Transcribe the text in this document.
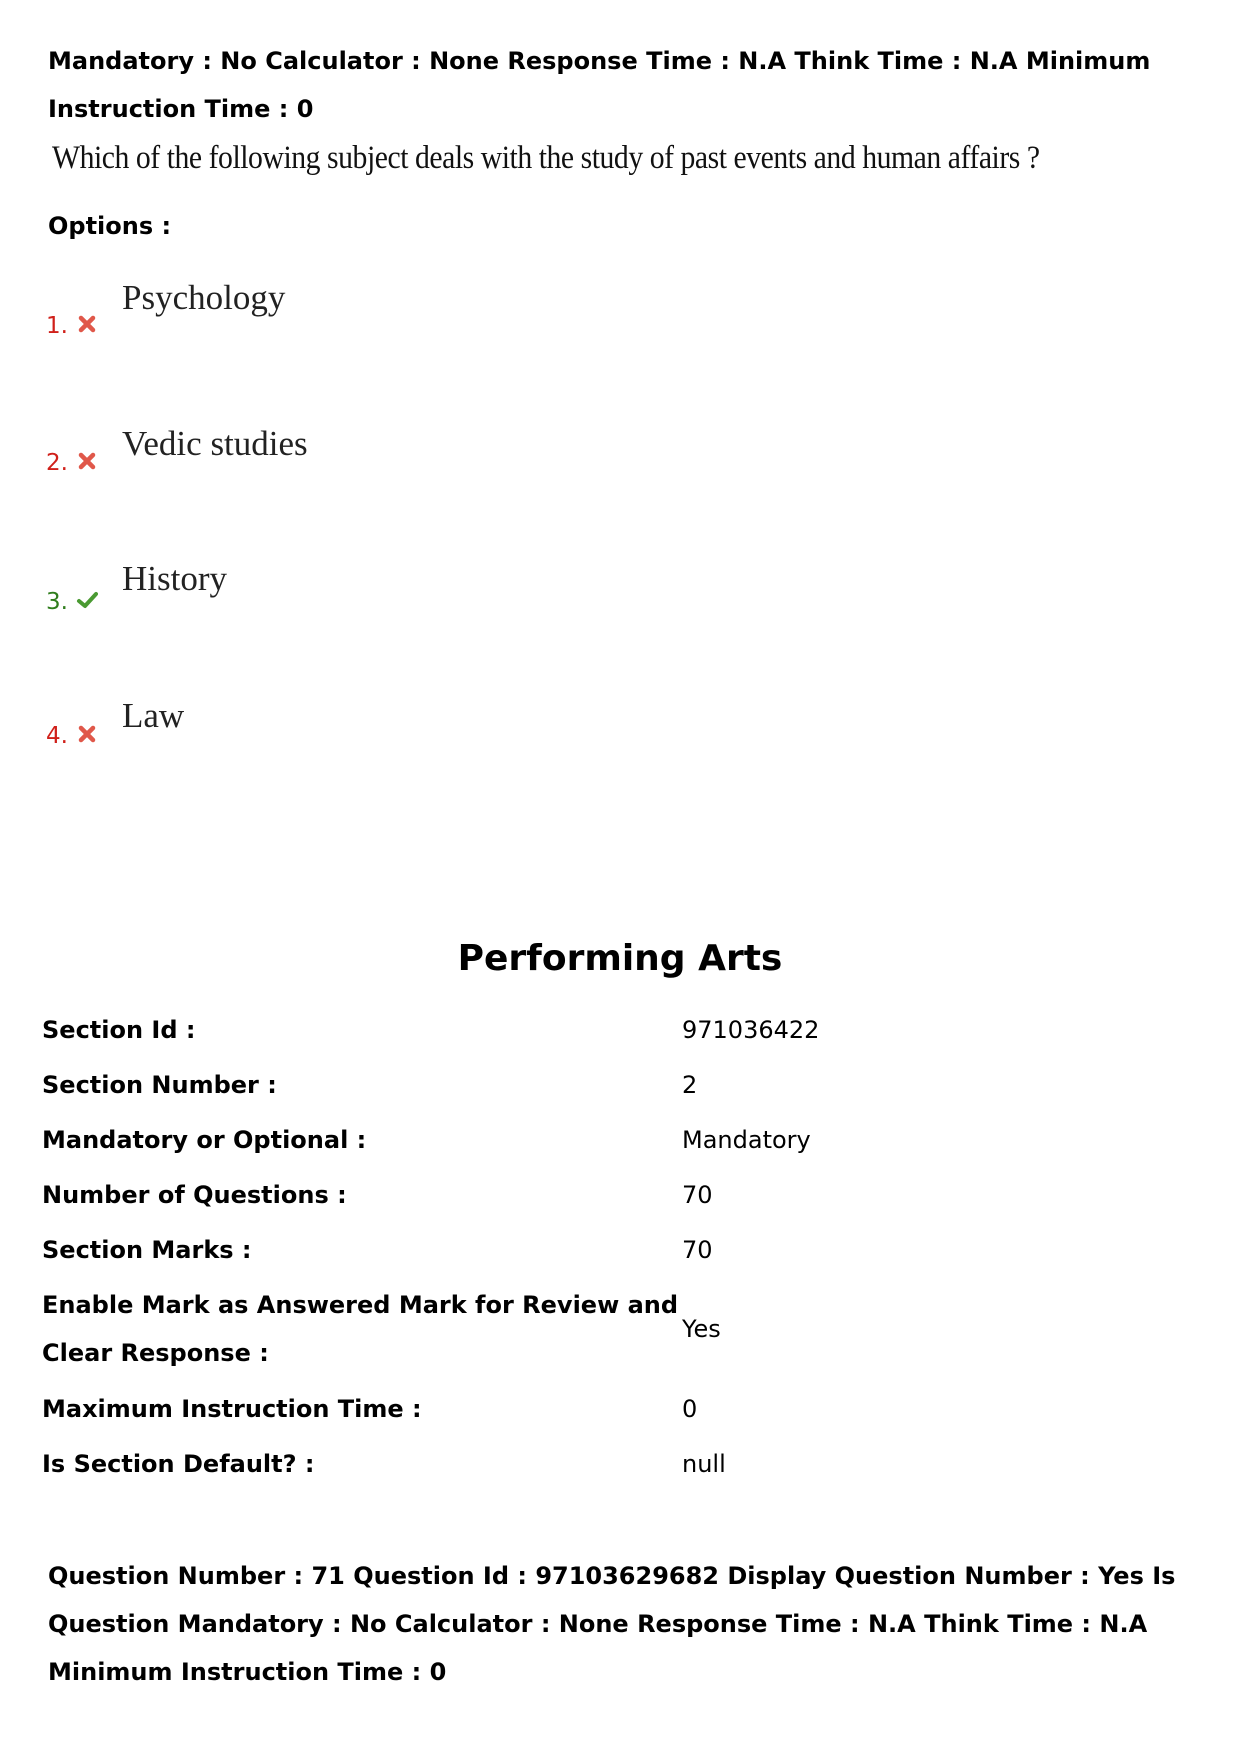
Mandatory : No Calculator : None Response Time : N.A Think Time : N.A Minimum Instruction Time : 0
Which of the following subject deals with the study of past events and human affairs ?
Options :
1.
Psychology
2. Vedic studies
3.
History
4.
Law
Performing Arts
Section Id :	971036422
Section Number :	2
Mandatory or Optional :	Mandatory
Number of Questions :	70
Section Marks :	70
Enable Mark as Answered Mark for Review and Clear Response :	Yes
Maximum Instruction Time :	0
Is Section Default? :	null
Question Number : 71 Question Id : 97103629682 Display Question Number : Yes Is Question Mandatory : No Calculator : None Response Time : N.A Think Time : N.A Minimum Instruction Time : 0
